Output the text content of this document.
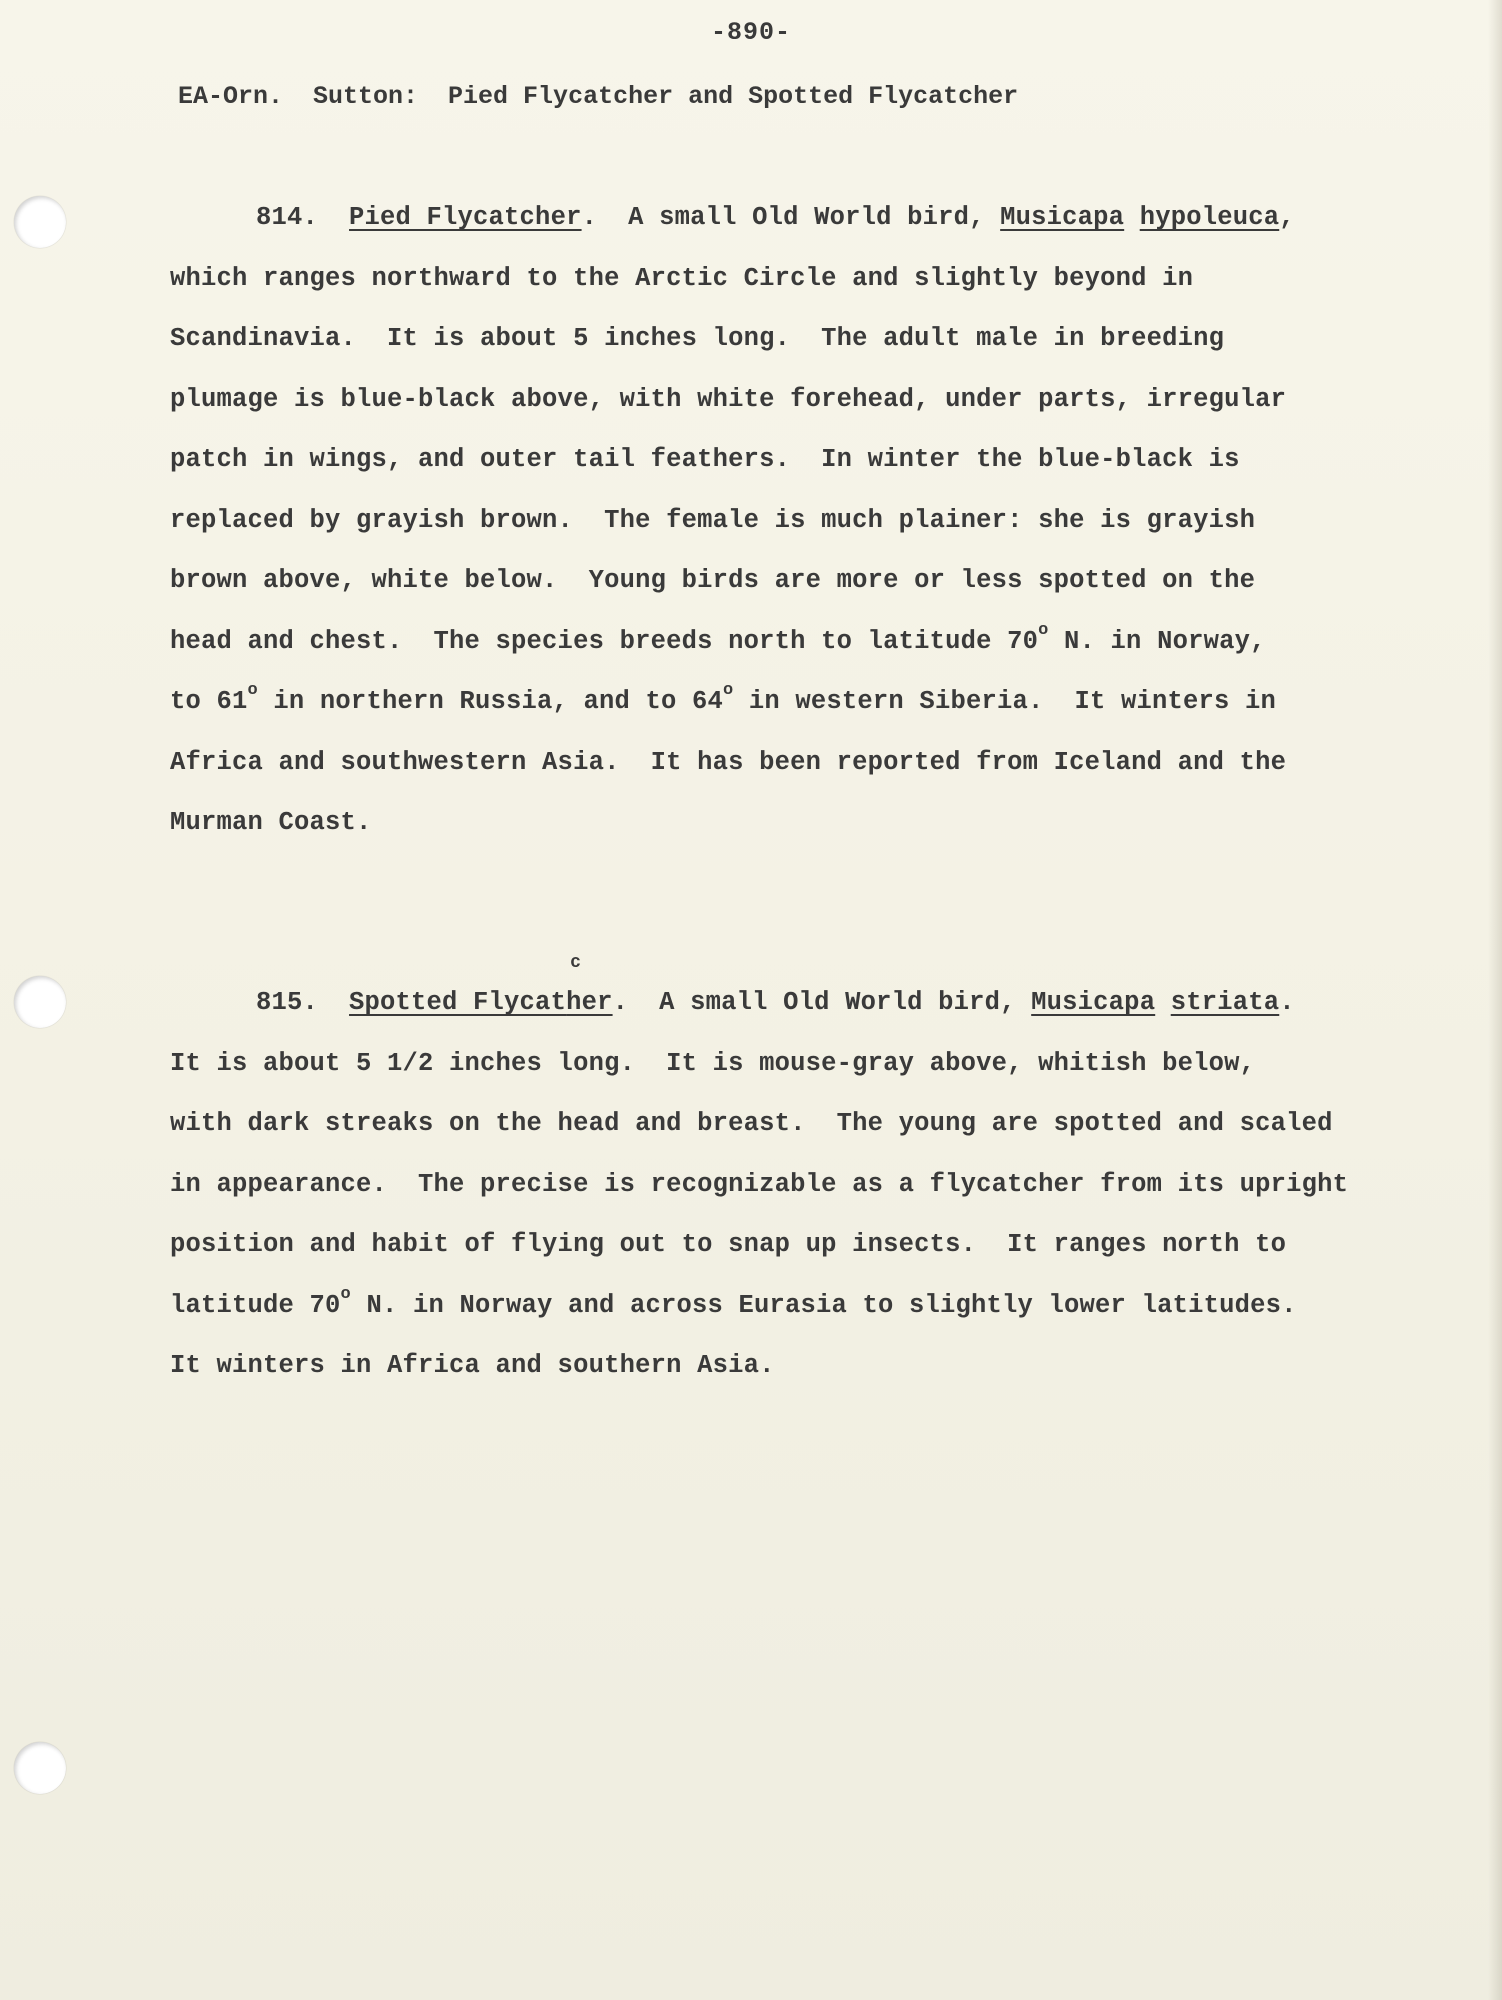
-890-
EA-Orn.  Sutton:  Pied Flycatcher and Spotted Flycatcher
814. Pied Flycatcher.  A small Old World bird, Musicapa hypoleuca,
which ranges northward to the Arctic Circle and slightly beyond in
Scandinavia.  It is about 5 inches long.  The adult male in breeding
plumage is blue-black above, with white forehead, under parts, irregular
patch in wings, and outer tail feathers.  In winter the blue-black is
replaced by grayish brown.  The female is much plainer: she is grayish
brown above, white below.  Young birds are more or less spotted on the
head and chest.  The species breeds north to latitude 70$^o$ N. in Norway,
to 61$^o$ in northern Russia, and to 64$^o$ in western Siberia.  It winters in
Africa and southwestern Asia.  It has been reported from Iceland and the
Murman Coast.
815. Spotted Flycat
c
her.  A small Old World bird, Musicapa striata.
It is about 5 1/2 inches long.  It is mouse-gray above, whitish below,
with dark streaks on the head and breast.  The young are spotted and scaled
in appearance.  The precise is recognizable as a flycatcher from its upright
position and habit of flying out to snap up insects.  It ranges north to
latitude 70$^o$ N. in Norway and across Eurasia to slightly lower latitudes.
It winters in Africa and southern Asia.
